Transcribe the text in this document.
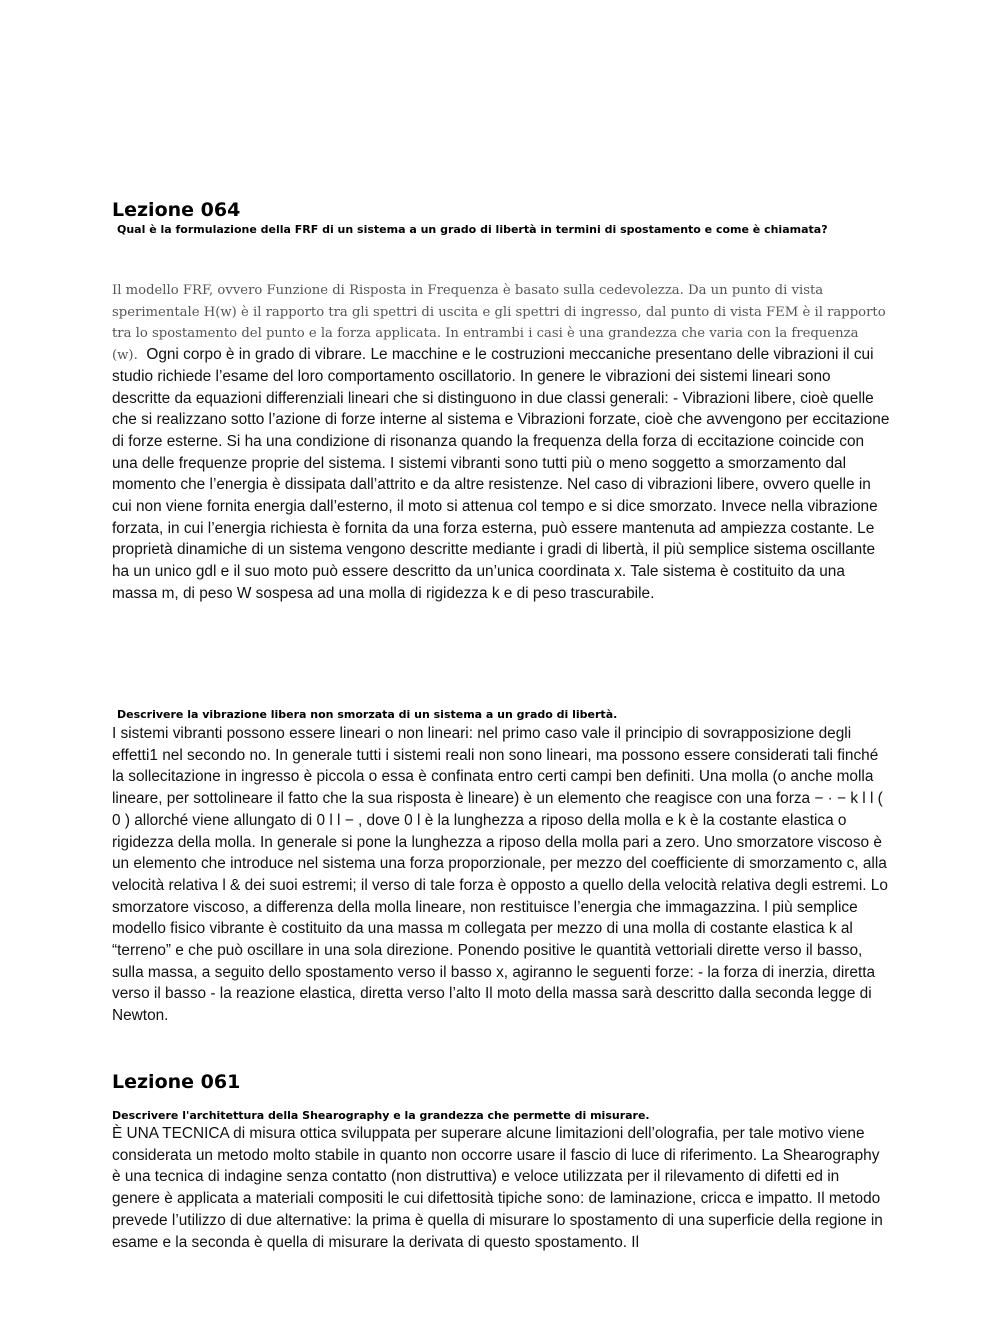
Lezione 064

Qual è la formulazione della FRF di un sistema a un grado di libertà in termini di spostamento e come è chiamata?

Il modello FRF, ovvero Funzione di Risposta in Frequenza è basato sulla cedevolezza. Da un punto di vista sperimentale H(w) è il rapporto tra gli spettri di uscita e gli spettri di ingresso, dal punto di vista FEM è il rapporto tra lo spostamento del punto e la forza applicata. In entrambi i casi è una grandezza che varia con la frequenza (w). Ogni corpo è in grado di vibrare. Le macchine e le costruzioni meccaniche presentano delle vibrazioni il cui studio richiede l’esame del loro comportamento oscillatorio. In genere le vibrazioni dei sistemi lineari sono descritte da equazioni differenziali lineari che si distinguono in due classi generali: - Vibrazioni libere, cioè quelle che si realizzano sotto l’azione di forze interne al sistema e Vibrazioni forzate, cioè che avvengono per eccitazione di forze esterne. Si ha una condizione di risonanza quando la frequenza della forza di eccitazione coincide con una delle frequenze proprie del sistema. I sistemi vibranti sono tutti più o meno soggetto a smorzamento dal momento che l’energia è dissipata dall’attrito e da altre resistenze. Nel caso di vibrazioni libere, ovvero quelle in cui non viene fornita energia dall’esterno, il moto si attenua col tempo e si dice smorzato. Invece nella vibrazione forzata, in cui l’energia richiesta è fornita da una forza esterna, può essere mantenuta ad ampiezza costante. Le proprietà dinamiche di un sistema vengono descritte mediante i gradi di libertà, il più semplice sistema oscillante ha un unico gdl e il suo moto può essere descritto da un’unica coordinata x. Tale sistema è costituito da una massa m, di peso W sospesa ad una molla di rigidezza k e di peso trascurabile.

Descrivere la vibrazione libera non smorzata di un sistema a un grado di libertà.

I sistemi vibranti possono essere lineari o non lineari: nel primo caso vale il principio di sovrapposizione degli effetti1 nel secondo no. In generale tutti i sistemi reali non sono lineari, ma possono essere considerati tali finché la sollecitazione in ingresso è piccola o essa è confinata entro certi campi ben definiti. Una molla (o anche molla lineare, per sottolineare il fatto che la sua risposta è lineare) è un elemento che reagisce con una forza − · − k l l ( 0 ) allorché viene allungato di 0 l l − , dove 0 l è la lunghezza a riposo della molla e k è la costante elastica o rigidezza della molla. In generale si pone la lunghezza a riposo della molla pari a zero. Uno smorzatore viscoso è un elemento che introduce nel sistema una forza proporzionale, per mezzo del coefficiente di smorzamento c, alla velocità relativa l & dei suoi estremi; il verso di tale forza è opposto a quello della velocità relativa degli estremi. Lo smorzatore viscoso, a differenza della molla lineare, non restituisce l’energia che immagazzina. l più semplice modello fisico vibrante è costituito da una massa m collegata per mezzo di una molla di costante elastica k al “terreno” e che può oscillare in una sola direzione. Ponendo positive le quantità vettoriali dirette verso il basso, sulla massa, a seguito dello spostamento verso il basso x, agiranno le seguenti forze: - la forza di inerzia, diretta verso il basso - la reazione elastica, diretta verso l’alto Il moto della massa sarà descritto dalla seconda legge di Newton.

Lezione 061

Descrivere l'architettura della Shearography e la grandezza che permette di misurare.

È UNA TECNICA di misura ottica sviluppata per superare alcune limitazioni dell’olografia, per tale motivo viene considerata un metodo molto stabile in quanto non occorre usare il fascio di luce di riferimento. La Shearography è una tecnica di indagine senza contatto (non distruttiva) e veloce utilizzata per il rilevamento di difetti ed in genere è applicata a materiali compositi le cui difettosità tipiche sono: de laminazione, cricca e impatto. Il metodo prevede l’utilizzo di due alternative: la prima è quella di misurare lo spostamento di una superficie della regione in esame e la seconda è quella di misurare la derivata di questo spostamento. Il
